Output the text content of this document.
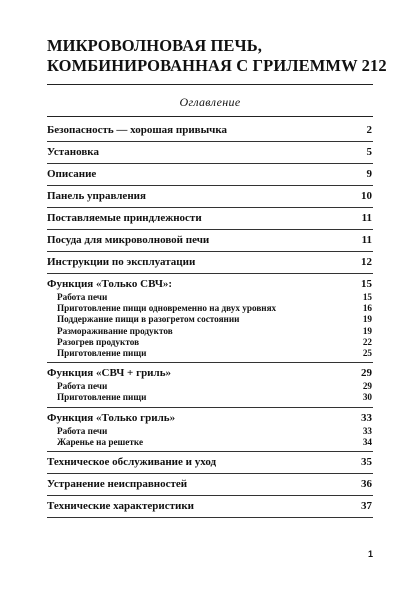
МИКРОВОЛНОВАЯ ПЕЧЬ,
КОМБИНИРОВАННАЯ С ГРИЛЕМ MW 212
Оглавление
Безопасность — хорошая привычка	2
Установка	5
Описание	9
Панель управления	10
Поставляемые приндлежности	11
Посуда для микроволновой печи	11
Инструкции по эксплуатации	12
Функция «Только СВЧ»:	15
Работа печи	15
Приготовление пищи одновременно на двух уровнях	16
Поддержание пищи в разогретом состоянии	19
Размораживание продуктов	19
Разогрев продуктов	22
Приготовление пищи	25
Функция «СВЧ + гриль»	29
Работа печи	29
Приготовление пищи	30
Функция «Только гриль»	33
Работа печи	33
Жаренье на решетке	34
Техническое обслуживание и уход	35
Устранение неисправностей	36
Технические характеристики	37
1
